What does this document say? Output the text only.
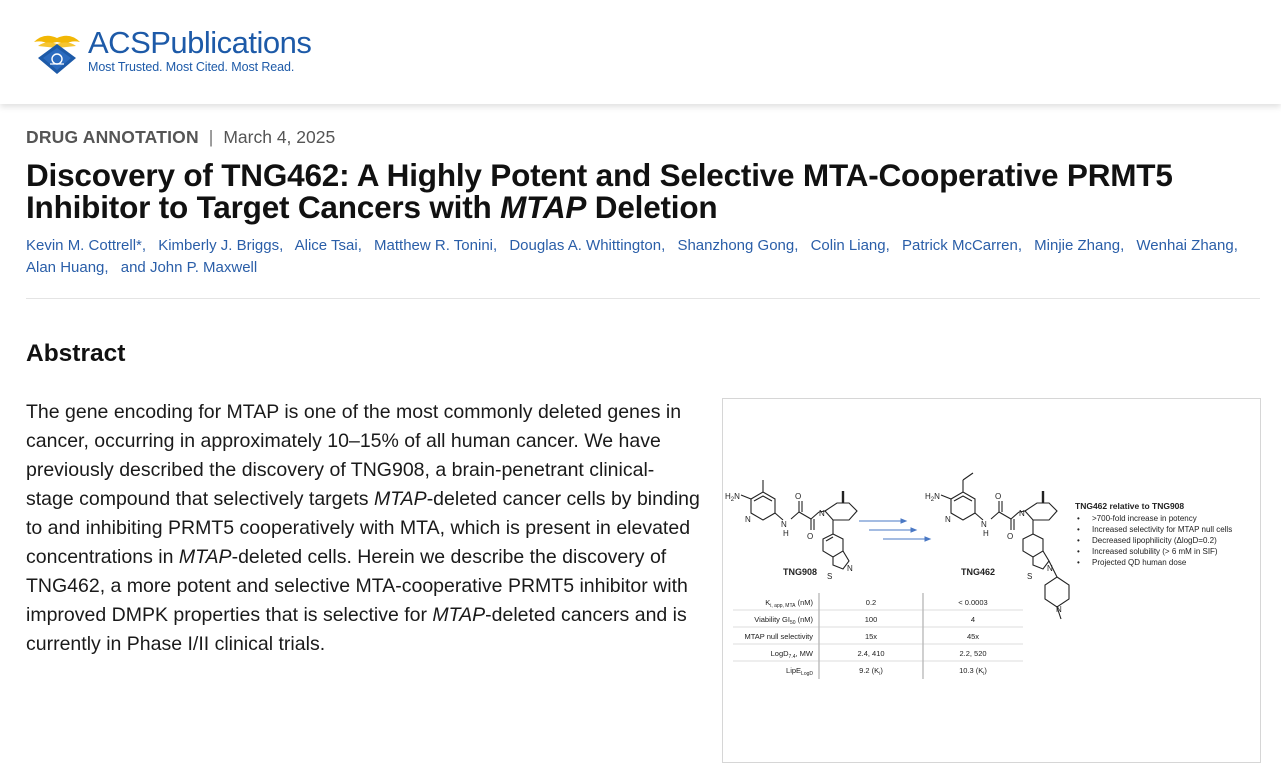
ACSPublications
Most Trusted. Most Cited. Most Read.
DRUG ANNOTATION | March 4, 2025
Discovery of TNG462: A Highly Potent and Selective MTA-Cooperative PRMT5 Inhibitor to Target Cancers with MTAP Deletion
Kevin M. Cottrell*, Kimberly J. Briggs, Alice Tsai, Matthew R. Tonini, Douglas A. Whittington, Shanzhong Gong, Colin Liang, Patrick McCarren, Minjie Zhang, Wenhai Zhang, Alan Huang, and John P. Maxwell
Abstract

The gene encoding for MTAP is one of the most commonly deleted genes in cancer, occurring in approximately 10–15% of all human cancer. We have previously described the discovery of TNG908, a brain-penetrant clinical-stage compound that selectively targets MTAP-deleted cancer cells by binding to and inhibiting PRMT5 cooperatively with MTA, which is present in elevated concentrations in MTAP-deleted cells. Herein we describe the discovery of TNG462, a more potent and selective MTA-cooperative PRMT5 inhibitor with improved DMPK properties that is selective for MTAP-deleted cancers and is currently in Phase I/II clinical trials.

$H_2N$
N
N
H
O
O
N
S
N
TNG908
$H_2N$
N
N
H
O
O
N
S
N
N
TNG462
TNG462 relative to TNG908
• >700-fold increase in potency
• Increased selectivity for MTAP null cells
• Decreased lipophilicity (ΔlogD=0.2)
• Increased solubility (> 6 mM in SIF)
• Projected QD human dose
$K_{i, app, MTA}$ (nM)	0.2	< 0.0003
Viability $GI_{50}$ (nM)	100	4
MTAP null selectivity	15x	45x
LogD$_{7.4}$, MW	2.4, 410	2.2, 520
LipE$_{LogD}$	9.2 $(K_i)$	10.3 $(K_i)$
